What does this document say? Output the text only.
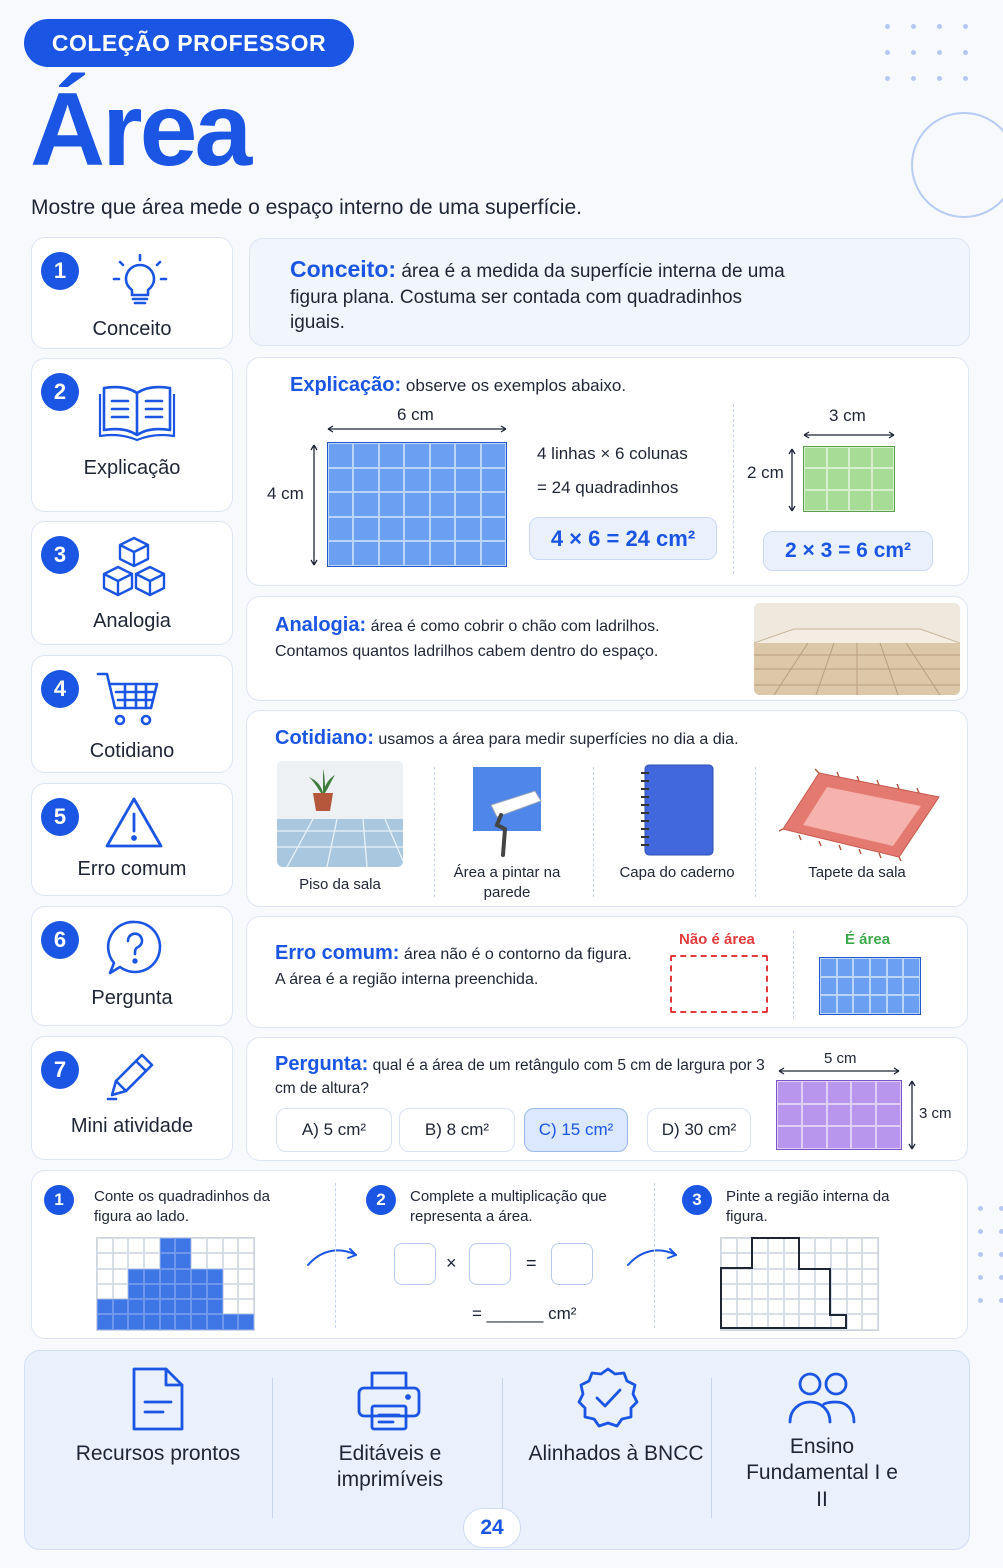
COLEÇÃO PROFESSOR
Área
Mostre que área mede o espaço interno de uma superfície.
1
Conceito
2
Explicação
3
Analogia
4
Cotidiano
5
Erro comum
6
Pergunta
7
Mini atividade
Conceito: área é a medida da superfície interna de uma figura plana. Costuma ser contada com quadradinhos iguais.
Explicação: observe os exemplos abaixo.
6 cm
4 cm
4 linhas × 6 colunas
= 24 quadradinhos
4 × 6 = 24 cm²
3 cm
2 cm
2 × 3 = 6 cm²
Analogia: área é como cobrir o chão com ladrilhos.
Contamos quantos ladrilhos cabem dentro do espaço.
Cotidiano: usamos a área para medir superfícies no dia a dia.
Piso da sala
Área a pintar na parede
Capa do caderno	Tapete da sala
Erro comum: área não é o contorno da figura.
A área é a região interna preenchida.
Não é área	É área
Pergunta: qual é a área de um retângulo com 5 cm de largura por 3 cm de altura?
5 cm
3 cm
A) 5 cm²	B) 8 cm²	C) 15 cm²	D) 30 cm²
1	Conte os quadradinhos da figura ao lado.
2	Complete a multiplicação que representa a área.
×	=
= ______ cm²
3	Pinte a região interna da figura.
Recursos prontos	Editáveis e imprimíveis
Alinhados à BNCC	Ensino Fundamental I e II
24
